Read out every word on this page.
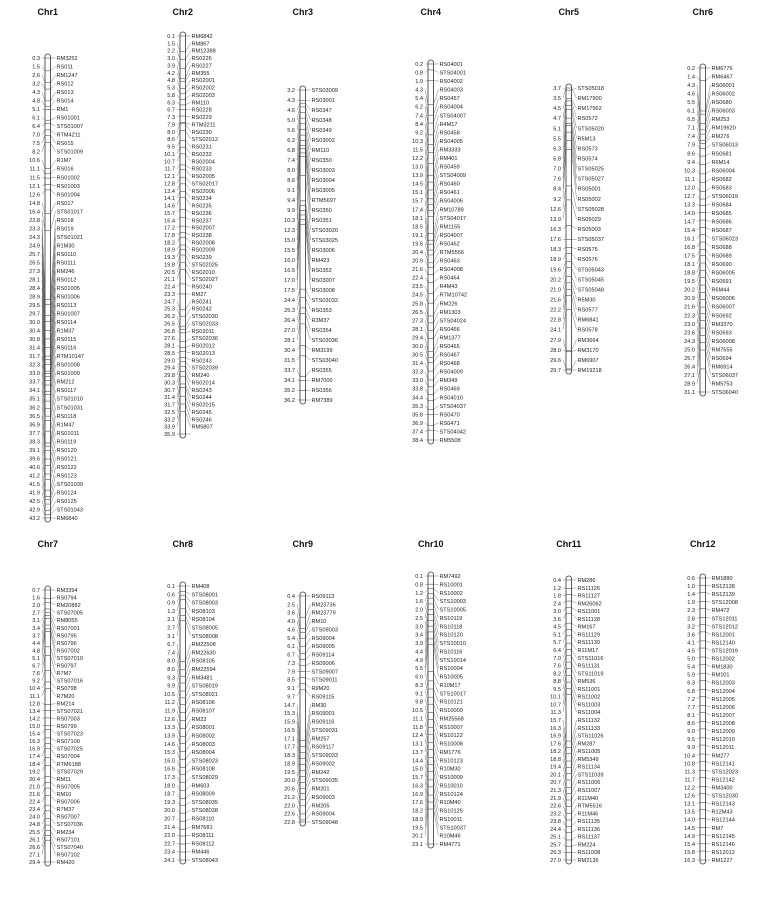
Chr1
0.3	RM3252
1.5	RS011
2.6	RM1247
3.2	RS012
4.3	RS013
4.8	RS014
5.1	RM1
6.1	RS01001
6.4	STS01007
7.0	RTM4211
7.5	RS015
8.2	STS01009
10.6	R1M7
11.1	RS016
11.5	RS01002
12.1	RS01003
12.6	RS01004
14.8	RS017
16.4	STS01017
22.8	RS018
23.3	RS019
24.3	STS01021
24.9	R1M30
25.7	RS0110
26.5	RS0111
27.3	RM246
28.1	RS0112
28.4	RS01005
28.9	RS01006
29.5	RS0113
29.7	RS01007
30.0	RS0114
30.4	R1M37
30.8	RS0115
31.4	RS0116
31.7	RTM10147
32.3	RS01008
33.0	RS01009
33.7	RM212
34.1	RS0117
35.1	STS01010
36.2	STS01031
36.5	RS0118
36.9	R1M47
37.7	RS01011
38.3	RS0119
39.1	RS0120
39.6	RS0121
40.6	RS0122
41.2	RS0123
41.5	STS01039
41.9	RS0124
42.5	RS0125
42.9	STS01043
43.2	RM6840
Chr2
0.1	RM6842
1.5	RM867
2.2	RM12388
3.0	RS0226
3.9	RS0227
4.2	RM355
4.8	RS02001
5.3	RS02002
5.8	RS02003
6.3	RM110
6.7	RS0228
7.3	RS0229
7.9	RTM3211
8.0	RS0230
8.6	STS02012
9.5	RS0231
10.1	RS0232
10.7	RS02004
11.7	RS0233
12.1	RS02005
12.8	STS02017
13.4	RS02006
14.1	RS0234
14.6	RS0235
15.7	RS0236
16.4	RS0237
17.2	RS02007
17.8	RS0238
18.2	RS02008
18.9	RS02009
19.3	RS0239
19.8	STS02025
20.5	RS02010
21.1	STS02027
22.4	RS0240
23.3	RM27
24.7	RS0241
25.3	RS0242
26.2	STS02030
26.5	STS02033
26.8	RS02011
27.6	STS02036
28.1	RS02012
28.5	RS02013
29.0	RS0243
29.4	STS02039
29.8	RM240
30.3	RS02014
30.7	RS0243
31.4	RS0244
31.7	RS02015
32.5	RS0245
33.2	RS0246
33.9	RM5807
35.9
Chr3
3.2	STS03009
4.3	RS03001
4.6	RS0347
5.0	RS0348
5.6	RS0349
6.2	RS03002
6.8	RM110
7.4	RS0350
8.0	RS03003
8.6	RS03004
9.1	RS03005
9.4	RTM5697
9.9	RS0350
10.3	RS0351
12.3	STS03020
15.0	STS03025
15.5	RS03006
16.0	RM423
16.5	RS0352
17.0	RS03007
17.5	RS03008
24.4	STS03032
25.3	RS0353
26.4	R3M37
27.0	RS0354
28.1	STS03036
30.4	RM3199
31.5	STS03040
33.7	RS0355
34.1	RM7000
35.2	RS0356
36.2	RM7389
Chr4
0.2	RS04001
0.8	STS04001
1.9	RS04002
4.3	RS04003
5.4	RS0457
6.2	RS04004
7.4	STS04007
8.4	R4M17
9.2	RS0458
10.3	RS04005
11.5	RM3333
12.2	RM401
13.0	RS0459
13.9	STS04009
14.5	RS0460
15.1	RS0461
15.7	RS04006
17.4	RM10789
18.1	STS04017
18.5	RM1155
19.1	RS04007
19.6	RS0462
20.4	RTM5556
20.9	RS0463
21.6	RS04008
22.4	RS0464
23.5	R4M43
24.5	RTM10742
25.8	RM226
26.5	RM1303
27.3	STS04024
28.1	RS0466
29.4	RM1377
30.0	RS0465
30.5	RS0467
31.4	RS0468
32.3	RS04009
33.0	RM349
33.8	RS0469
34.4	RS04010
35.3	STS04037
35.8	RS0470
36.9	RS0471
37.4	STS04042
38.4	RM5508
Chr5
3.7	STS05018
3.5	RM17900
4.5	RM17962
4.7	RS0572
5.1	STS05020
5.5	R5M13
6.3	RS0573
6.8	RS0574
7.0	STS05025
7.6	STS05027
8.4	RS05001
9.2	RS05002
12.6	STS05028
13.9	RS05029
16.3	RS05003
17.6	STS05037
18.3	RS0575
18.9	RS0576
19.6	STS05043
20.2	STS05045
21.0	STS05048
21.6	R5M30
22.2	RS0577
22.8	RM6841
24.1	RS0578
27.9	RM3664
28.0	RM3170
29.6	RM6907
29.7	RM19218
Chr6
0.2	RM6776
1.4	RM6467
4.3	RS06001
4.6	RS06002
5.5	RS0680
6.1	RS06003
6.5	RM253
7.1	RM19620
7.4	RM276
7.9	STS06013
8.6	RS0681
9.4	R6M14
10.3	RS06004
11.1	RS0682
12.0	RS0683
12.7	STS06019
13.3	RS0684
14.0	RS0685
14.7	RS0686
15.4	RS0687
16.1	STS06023
16.8	RS0688
17.5	RS0689
18.1	RS0690
18.8	RS06005
19.5	RS0691
20.2	R6M44
20.9	RS06006
21.6	RS06007
22.3	RS0692
23.0	RM3370
23.6	RS0693
24.3	RS06008
25.0	RM7555
25.7	RS0694
26.4	RM6914
27.1	STS06037
28.9	RM5753
31.1	STS06040
Chr7
0.7	RM3394
1.6	RS0794
2.0	RM20882
2.7	STS07005
3.1	RM8055
3.4	RS07001
3.7	RS0795
4.4	RS0796
4.8	RS07002
5.1	STS07010
6.7	RS0797
7.6	R7M7
9.2	STS07016
10.4	RS0798
11.1	R7M20
12.8	RM214
13.4	STS07021
14.2	RS07003
15.0	RS0799
15.4	STS07023
16.3	RS07100
16.9	STS07025
17.4	RS07004
18.4	RTM6188
19.2	STS07029
20.4	RM11
21.0	RS07005
21.6	RM10
22.4	RS07006
23.4	R7M37
24.0	RS07007
24.8	STS07036
25.5	RM234
26.1	RS07101
26.6	STS07040
27.1	RS07102
29.4	RM420
Chr8
0.1	RM408
0.6	STS08001
0.9	STS08003
1.3	RS08103
2.1	RS08104
2.7	STS08005
3.1	STS08008
6.7	RM22508
7.4	RM22630
8.0	RS08105
8.6	RM22594
9.3	RM3481
9.9	STS08019
10.5	STS08021
11.2	RS08106
11.9	RS08107
12.6	RM23
13.3	RS08001
13.9	RS08002
14.6	RS08003
15.3	RS08004
16.0	STS08023
16.6	RS08108
17.3	STS08029
18.0	RM603
18.7	RS08009
19.3	STS08035
20.0	STS08038
20.7	RS08110
21.4	RM7681
22.0	RS08111
22.7	RS08112
23.4	RM446
24.1	STS08043
Chr9
0.4	RS09113
2.5	RM23736
3.6	RM23779
4.0	RM10
4.6	STS09003
5.4	RS09004
6.1	RS09005
6.7	RS09114
7.3	RS09006
7.9	STS09007
8.5	STS09011
9.1	R9M20
9.7	RS09115
14.7	RM30
15.3	RS09001
15.9	RS09116
16.5	STS09031
17.1	RM257
17.7	RS09117
18.3	STS09033
18.9	RS09002
19.5	RM242
20.0	STS09035
20.6	RM201
21.2	RS09003
22.0	RM205
22.6	RS09004
22.8	STS09048
Chr10
0.1	RM7492
0.8	RS10001
1.2	RS10002
1.6	STS10003
2.0	STS10005
2.5	RS10119
3.0	RS10118
3.4	RS10120
3.9	STS10010
4.4	RS10116
4.9	STS10014
5.5	RS10004
6.0	RS10005
8.3	R10M17
9.1	STS10017
9.8	RS10121
10.5	RS10009
11.1	RM25568
11.8	RS10007
12.4	RS10122
13.1	RS10008
13.7	RM1776
14.4	RS10123
15.0	R10M30
15.7	RS10009
16.3	RS10010
16.9	RS10124
17.6	R10M40
18.2	RS10125
18.9	RS10011
19.5	STS10037
20.1	R10M46
23.1	RM4771
Chr11
0.4	RM286
1.2	RS11126
1.8	RS11127
2.4	RM26062
3.0	RS11001
3.6	RS11128
4.5	RM167
5.1	RS11129
5.7	RS11130
6.4	R11M17
7.0	STS11016
7.6	RS11131
8.2	STS11019
8.8	RM536
9.5	RS11001
10.1	RS11002
10.7	RS11003
11.3	RS11004
15.7	RS11132
16.3	RS11133
16.9	STS11026
17.6	RM287
18.2	RS11005
18.8	RM5349
19.4	RS11134
20.1	STS11039
20.7	RS11006
21.3	RS11007
21.9	R11M40
22.6	RTM5516
23.2	R11M46
23.8	RS11135
24.4	RS11136
25.1	RS11137
25.7	RM224
26.3	RS11008
27.0	RM2136
Chr12
0.6	RM1880
1.0	RS12138
1.4	RS12139
1.9	STS12008
2.3	RM472
2.8	STS12011
3.2	STS12012
3.6	RS12001
4.1	RS12140
4.5	STS12019
5.0	RS12002
5.4	RM1830
5.9	RM101
6.3	RS12003
6.8	RS12004
7.2	RS12005
7.7	RS12006
8.1	RS12007
8.6	RS12008
9.0	RS12009
9.5	RS12010
9.9	RS12011
10.4	RM277
10.8	RS12141
11.3	STS12023
11.7	RS12142
12.2	RM3400
12.6	STS12030
13.1	RS12143
13.5	R12M43
14.0	RS12144
14.5	RM7
14.9	RS12145
15.4	RS12146
15.8	RS12012
16.3	RM1227
